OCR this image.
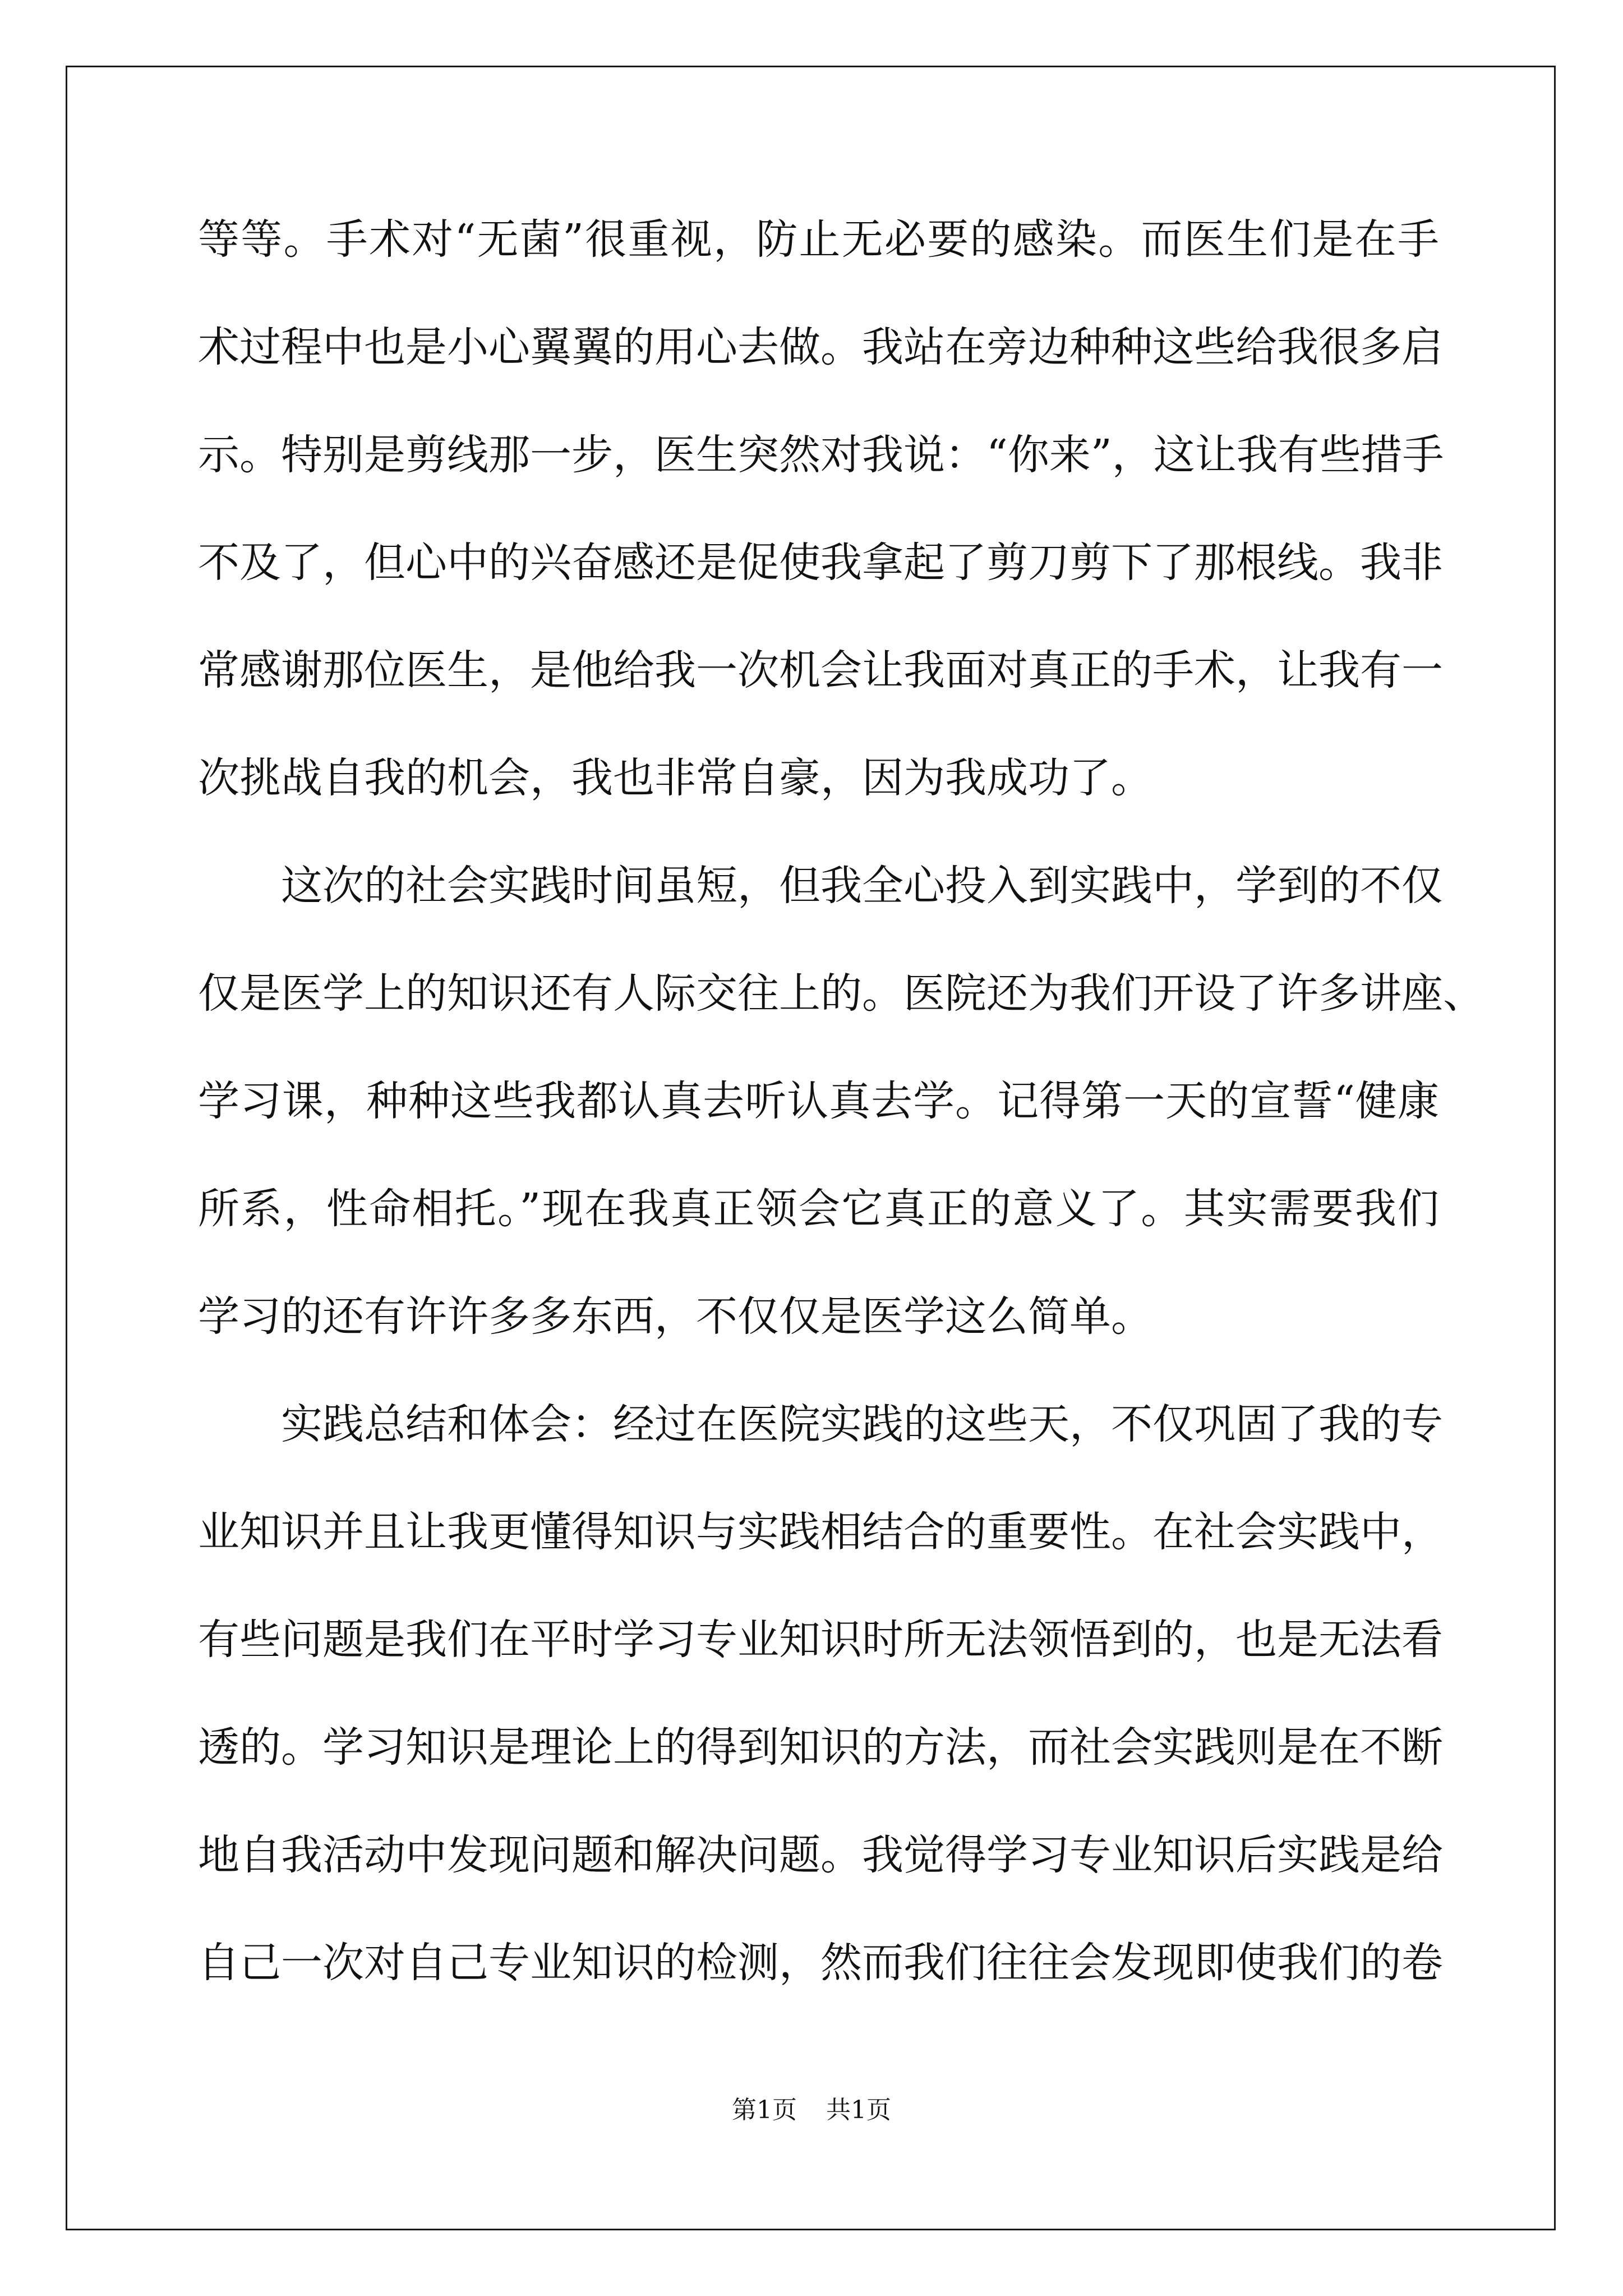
等等。手术对“无菌”很重视，防止无必要的感染。而医生们是在手
术过程中也是小心翼翼的用心去做。我站在旁边种种这些给我很多启
示。特别是剪线那一步，医生突然对我说：“你来”，这让我有些措手
不及了，但心中的兴奋感还是促使我拿起了剪刀剪下了那根线。我非
常感谢那位医生，是他给我一次机会让我面对真正的手术，让我有一
次挑战自我的机会，我也非常自豪，因为我成功了。
这次的社会实践时间虽短，但我全心投入到实践中，学到的不仅
仅是医学上的知识还有人际交往上的。医院还为我们开设了许多讲座、
学习课，种种这些我都认真去听认真去学。记得第一天的宣誓“健康
所系，性命相托。”现在我真正领会它真正的意义了。其实需要我们
学习的还有许许多多东西，不仅仅是医学这么简单。
实践总结和体会：经过在医院实践的这些天，不仅巩固了我的专
业知识并且让我更懂得知识与实践相结合的重要性。在社会实践中，
有些问题是我们在平时学习专业知识时所无法领悟到的，也是无法看
透的。学习知识是理论上的得到知识的方法，而社会实践则是在不断
地自我活动中发现问题和解决问题。我觉得学习专业知识后实践是给
自己一次对自己专业知识的检测，然而我们往往会发现即使我们的卷
第1页 共1页
